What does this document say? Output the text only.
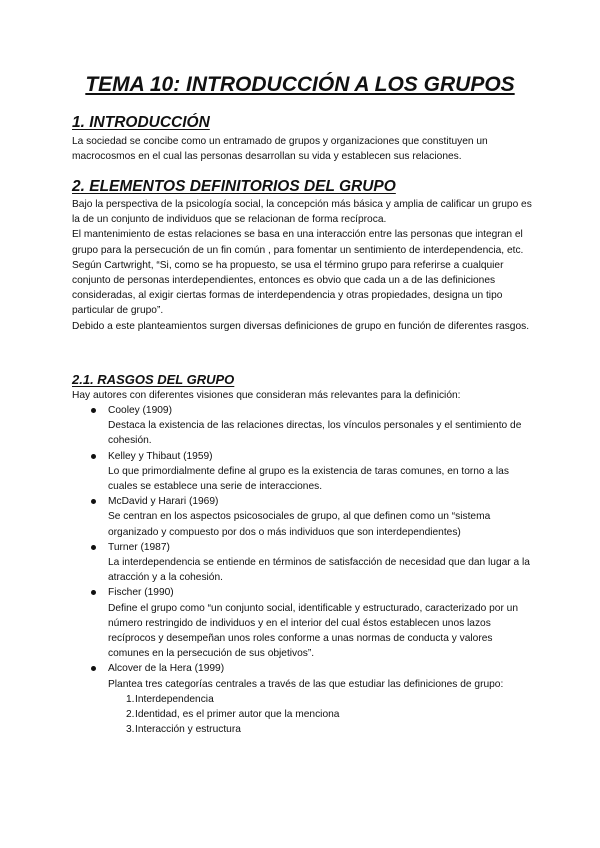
TEMA 10: INTRODUCCIÓN A LOS GRUPOS
1. INTRODUCCIÓN

La sociedad se concibe como un entramado de grupos y organizaciones que constituyen un macrocosmos en el cual las personas desarrollan su vida y establecen sus relaciones.

2. ELEMENTOS DEFINITORIOS DEL GRUPO

Bajo la perspectiva de la psicología social, la concepción más básica y amplia de calificar un grupo es la de un conjunto de individuos que se relacionan de forma recíproca.

El mantenimiento de estas relaciones se basa en una interacción entre las personas que integran el grupo para la persecución de un fin común , para fomentar un sentimiento de interdependencia, etc.

Según Cartwright, “Si, como se ha propuesto, se usa el término grupo para referirse a cualquier conjunto de personas interdependientes, entonces es obvio que cada un a de las definiciones consideradas, al exigir ciertas formas de interdependencia y otras propiedades, designa un tipo particular de grupo”.

Debido a este planteamientos surgen diversas definiciones de grupo en función de diferentes rasgos.

2.1. RASGOS DEL GRUPO

Hay autores con diferentes visiones que consideran más relevantes para la definición:

Cooley (1909)
Destaca la existencia de las relaciones directas, los vínculos personales y el sentimiento de cohesión.
Kelley y Thibaut (1959)
Lo que primordialmente define al grupo es la existencia de taras comunes, en torno a las cuales se establece una serie de interacciones.
McDavid y Harari (1969)
Se centran en los aspectos psicosociales de grupo, al que definen como un “sistema organizado y compuesto por dos o más individuos que son interdependientes)
Turner (1987)
La interdependencia se entiende en términos de satisfacción de necesidad que dan lugar a la atracción y a la cohesión.
Fischer (1990)
Define el grupo como “un conjunto social, identificable y estructurado, caracterizado por un número restringido de individuos y en el interior del cual éstos establecen unos lazos recíprocos y desempeñan unos roles conforme a unas normas de conducta y valores comunes en la persecución de sus objetivos”.
Alcover de la Hera (1999)
Plantea tres categorías centrales a través de las que estudiar las definiciones de grupo:
1. Interdependencia
2. Identidad, es el primer autor que la menciona
3. Interacción y estructura
